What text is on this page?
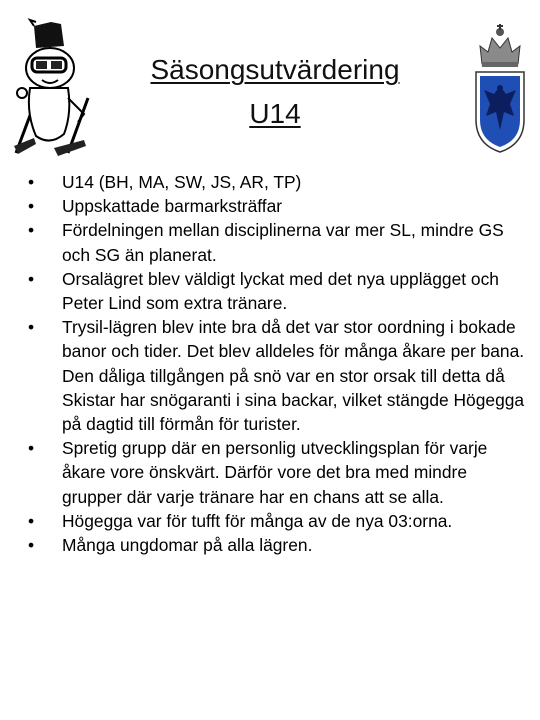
Säsongsutvärdering
U14
•	U14 (BH, MA, SW, JS, AR, TP)
•	Uppskattade barmarksträffar
•	Fördelningen mellan disciplinerna var mer SL, mindre GS och SG än planerat.
•	Orsalägret blev väldigt lyckat med det nya upplägget och Peter Lind som extra tränare.
•	Trysil-lägren blev inte bra då det var stor oordning i bokade banor och tider. Det blev alldeles för många åkare per bana. Den dåliga tillgången på snö var en stor orsak till detta då Skistar har snögaranti i sina backar, vilket stängde Högegga på dagtid till förmån för turister.
•	Spretig grupp där en personlig utvecklingsplan för varje åkare vore önskvärt. Därför vore det bra med mindre grupper där varje tränare har en chans att se alla.
•	Högegga var för tufft för många av de nya 03:orna.
•	Många ungdomar på alla lägren.
